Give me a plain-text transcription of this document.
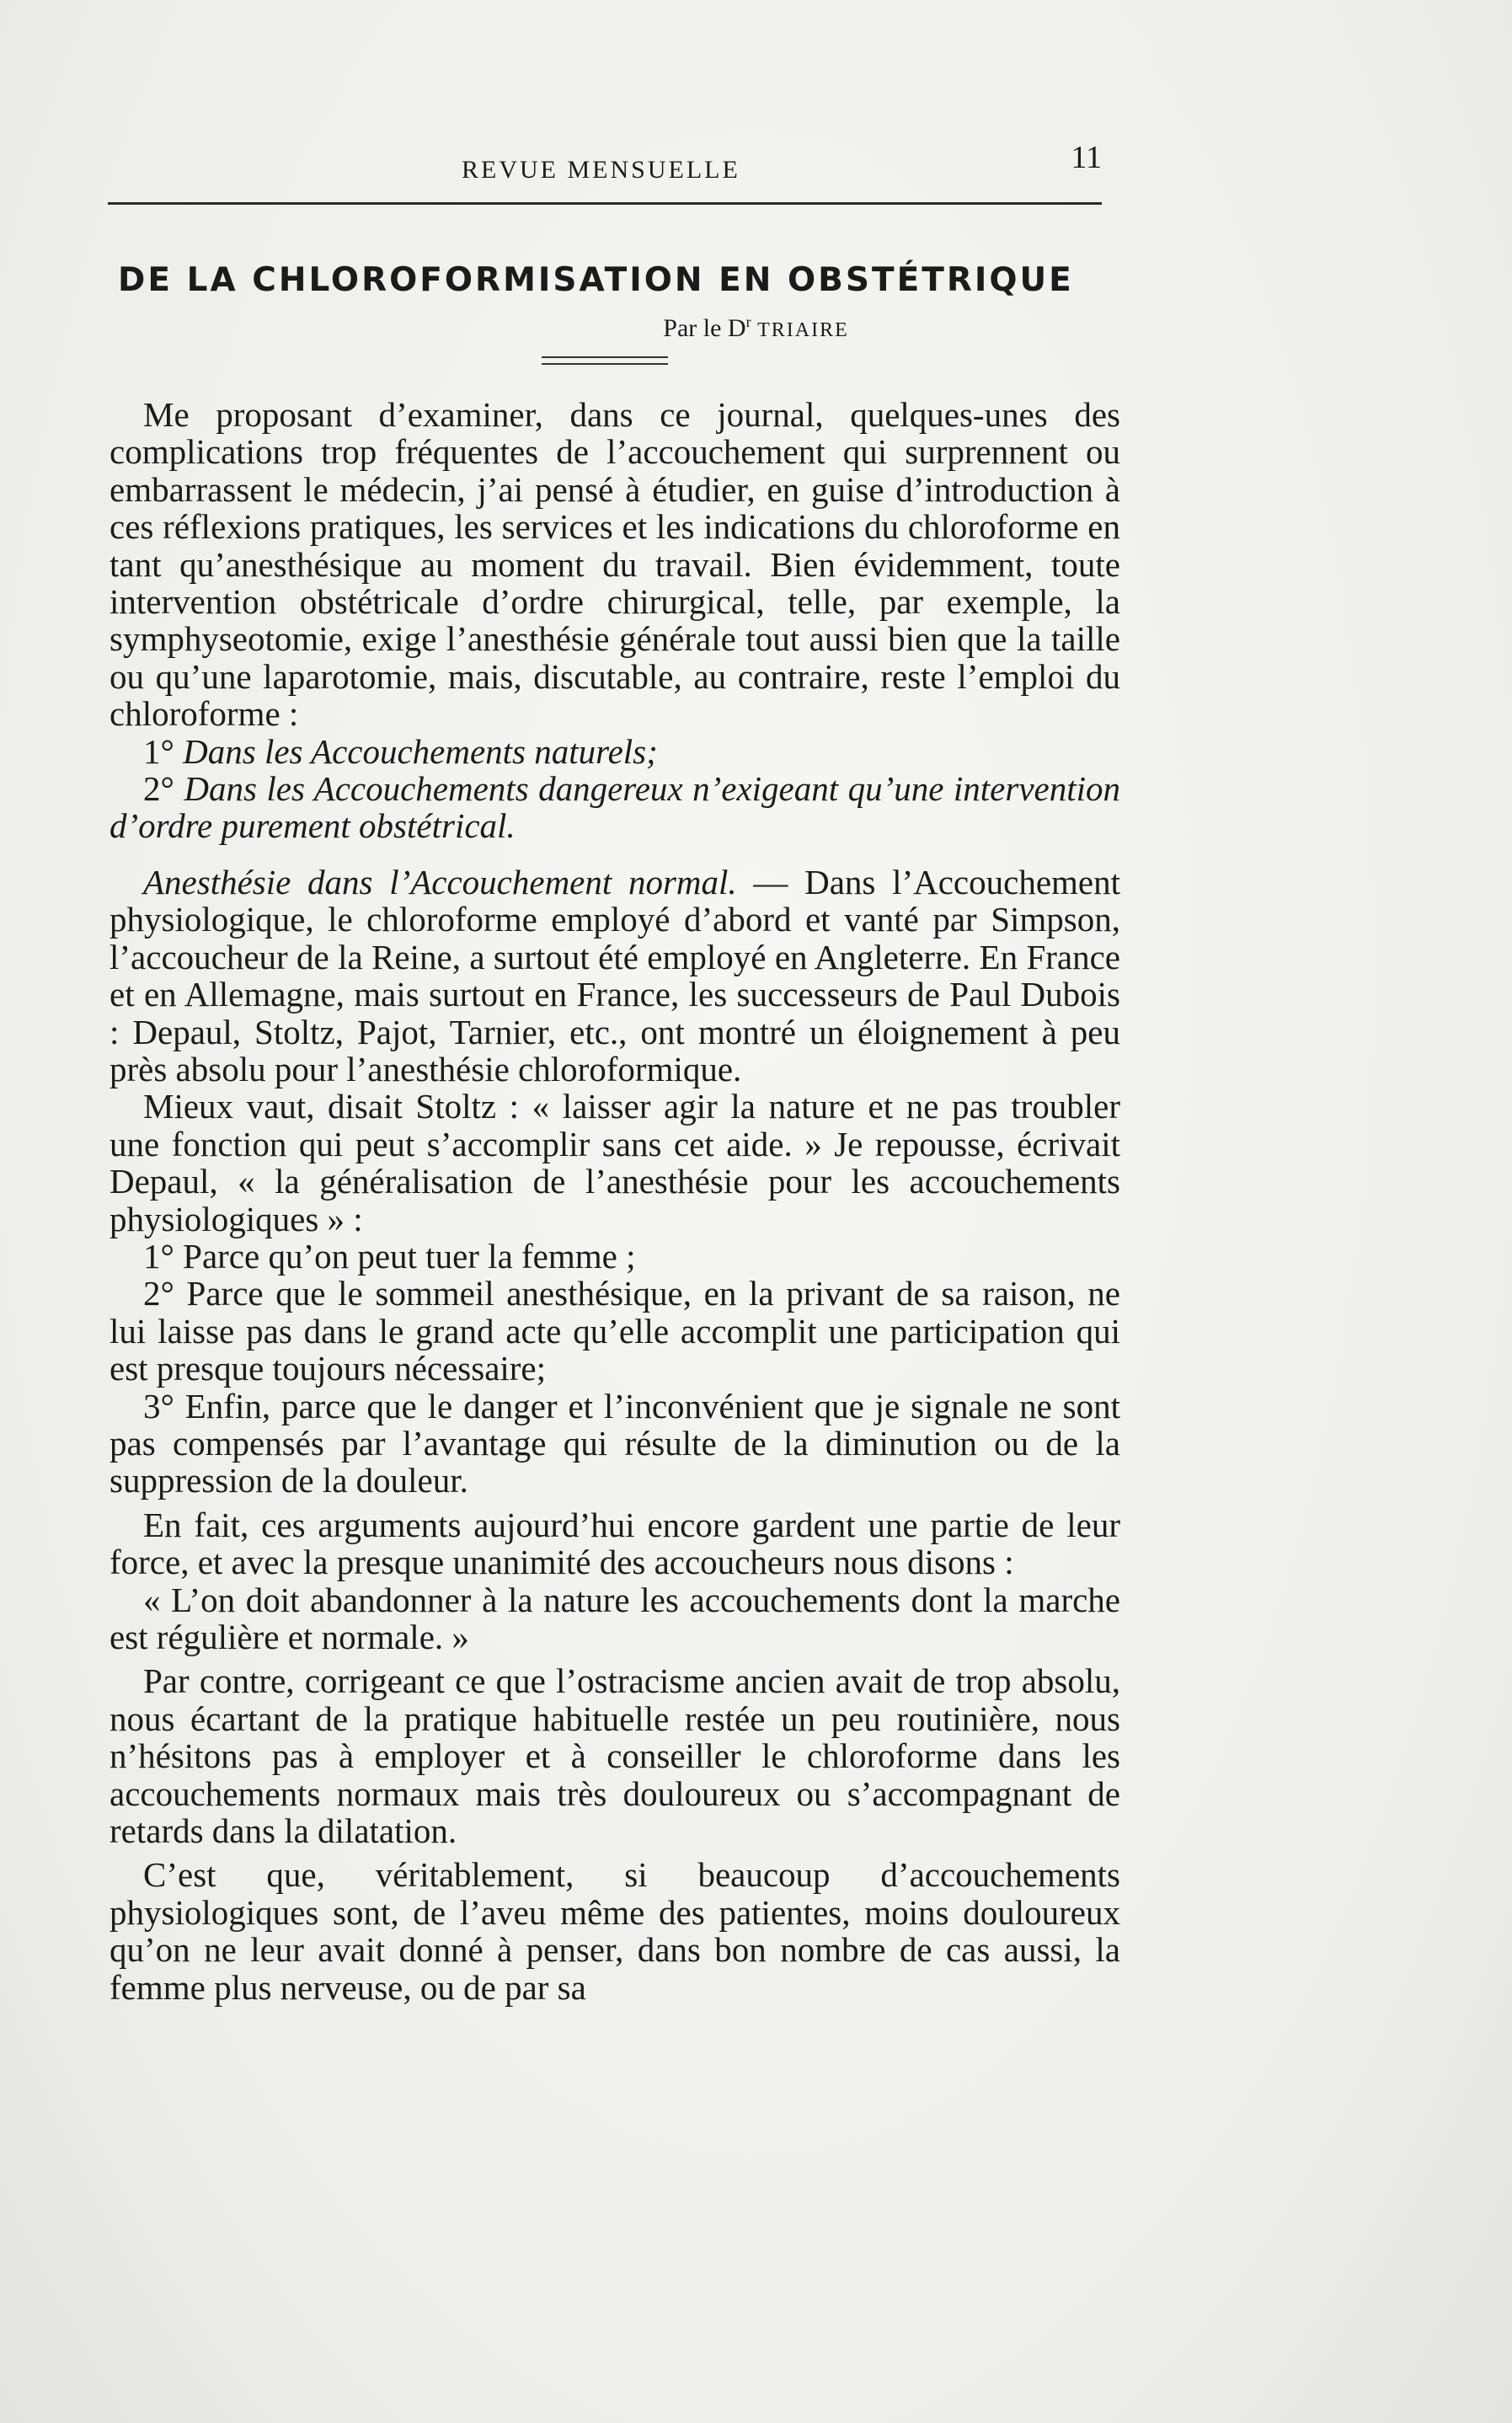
REVUE MENSUELLE	11
DE LA CHLOROFORMISATION EN OBSTÉTRIQUE
Par le $D^r$ TRIAIRE

Me proposant d’examiner, dans ce journal, quelques-unes des complications trop fréquentes de l’accouchement qui surprennent ou embarrassent le médecin, j’ai pensé à étudier, en guise d’introduction à ces réflexions pratiques, les services et les indications du chloroforme en tant qu’anesthésique au moment du travail. Bien évidemment, toute intervention obstétricale d’ordre chirurgical, telle, par exemple, la symphyseotomie, exige l’anesthésie générale tout aussi bien que la taille ou qu’une laparotomie, mais, discutable, au contraire, reste l’emploi du chloroforme :

1° Dans les Accouchements naturels;

2° Dans les Accouchements dangereux n’exigeant qu’une intervention d’ordre purement obstétrical.

Anesthésie dans l’Accouchement normal. — Dans l’Accouchement physiologique, le chloroforme employé d’abord et vanté par Simpson, l’accoucheur de la Reine, a surtout été employé en Angleterre. En France et en Allemagne, mais surtout en France, les successeurs de Paul Dubois : Depaul, Stoltz, Pajot, Tarnier, etc., ont montré un éloignement à peu près absolu pour l’anesthésie chloroformique.

Mieux vaut, disait Stoltz : « laisser agir la nature et ne pas troubler une fonction qui peut s’accomplir sans cet aide. » Je repousse, écrivait Depaul, « la généralisation de l’anesthésie pour les accouchements physiologiques » :

1° Parce qu’on peut tuer la femme ;

2° Parce que le sommeil anesthésique, en la privant de sa raison, ne lui laisse pas dans le grand acte qu’elle accomplit une participation qui est presque toujours nécessaire;

3° Enfin, parce que le danger et l’inconvénient que je signale ne sont pas compensés par l’avantage qui résulte de la diminution ou de la suppression de la douleur.

En fait, ces arguments aujourd’hui encore gardent une partie de leur force, et avec la presque unanimité des accoucheurs nous disons :

« L’on doit abandonner à la nature les accouchements dont la marche est régulière et normale. »

Par contre, corrigeant ce que l’ostracisme ancien avait de trop absolu, nous écartant de la pratique habituelle restée un peu routinière, nous n’hésitons pas à employer et à conseiller le chloroforme dans les accouchements normaux mais très douloureux ou s’accompagnant de retards dans la dilatation.

C’est que, véritablement, si beaucoup d’accouchements physiologiques sont, de l’aveu même des patientes, moins douloureux qu’on ne leur avait donné à penser, dans bon nombre de cas aussi, la femme plus nerveuse, ou de par sa
